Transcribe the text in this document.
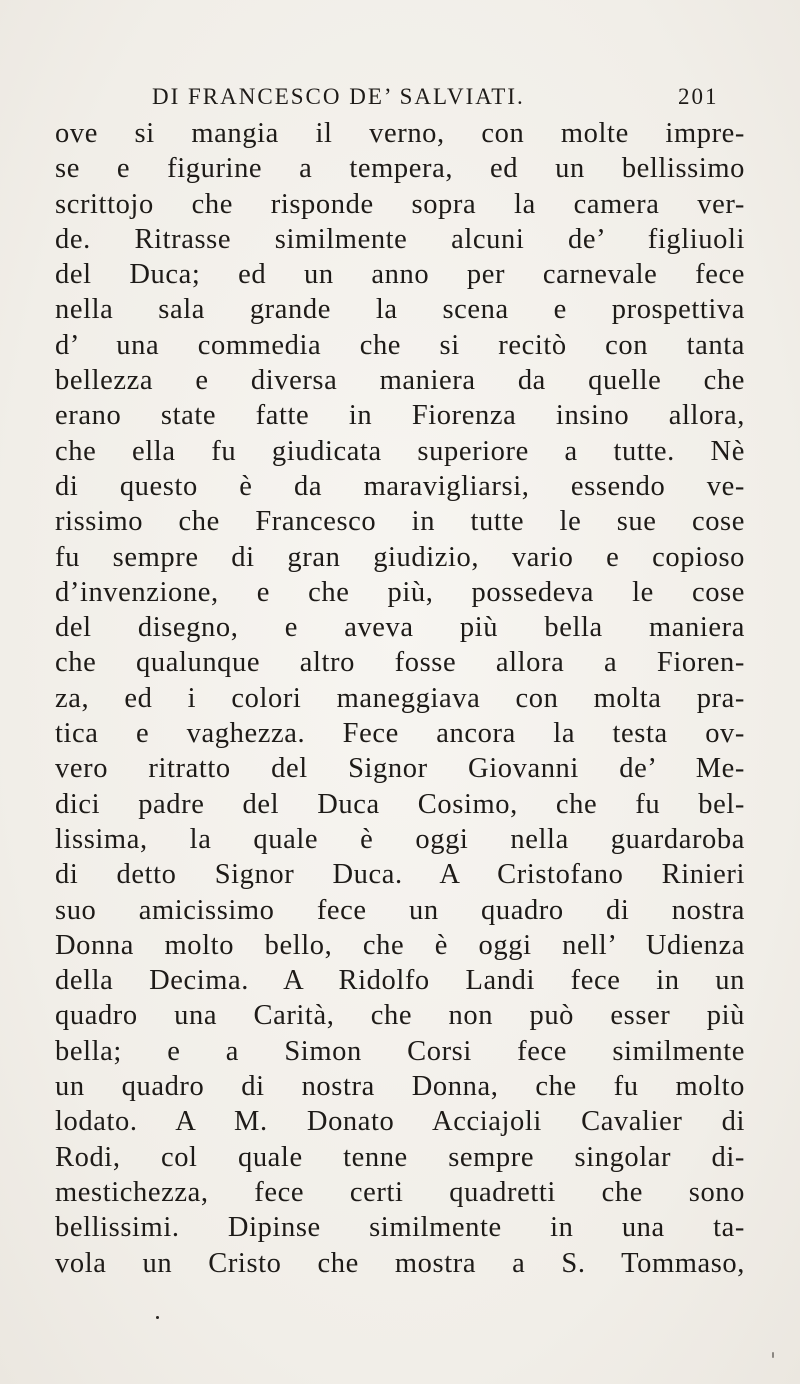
DI FRANCESCO DE’ SALVIATI.	201
ove si mangia il verno, con molte impre-
se e figurine a tempera, ed un bellissimo
scrittojo che risponde sopra la camera ver-
de. Ritrasse similmente alcuni de’ figliuoli
del Duca; ed un anno per carnevale fece
nella sala grande la scena e prospettiva
d’ una commedia che si recitò con tanta
bellezza e diversa maniera da quelle che
erano state fatte in Fiorenza insino allora,
che ella fu giudicata superiore a tutte. Nè
di questo è da maravigliarsi, essendo ve-
rissimo che Francesco in tutte le sue cose
fu sempre di gran giudizio, vario e copioso
d’invenzione, e che più, possedeva le cose
del disegno, e aveva più bella maniera
che qualunque altro fosse allora a Fioren-
za, ed i colori maneggiava con molta pra-
tica e vaghezza. Fece ancora la testa ov-
vero ritratto del Signor Giovanni de’ Me-
dici padre del Duca Cosimo, che fu bel-
lissima, la quale è oggi nella guardaroba
di detto Signor Duca. A Cristofano Rinieri
suo amicissimo fece un quadro di nostra
Donna molto bello, che è oggi nell’ Udienza
della Decima. A Ridolfo Landi fece in un
quadro una Carità, che non può esser più
bella; e a Simon Corsi fece similmente
un quadro di nostra Donna, che fu molto
lodato. A M. Donato Acciajoli Cavalier di
Rodi, col quale tenne sempre singolar di-
mestichezza, fece certi quadretti che sono
bellissimi. Dipinse similmente in una ta-
vola un Cristo che mostra a S. Tommaso,
